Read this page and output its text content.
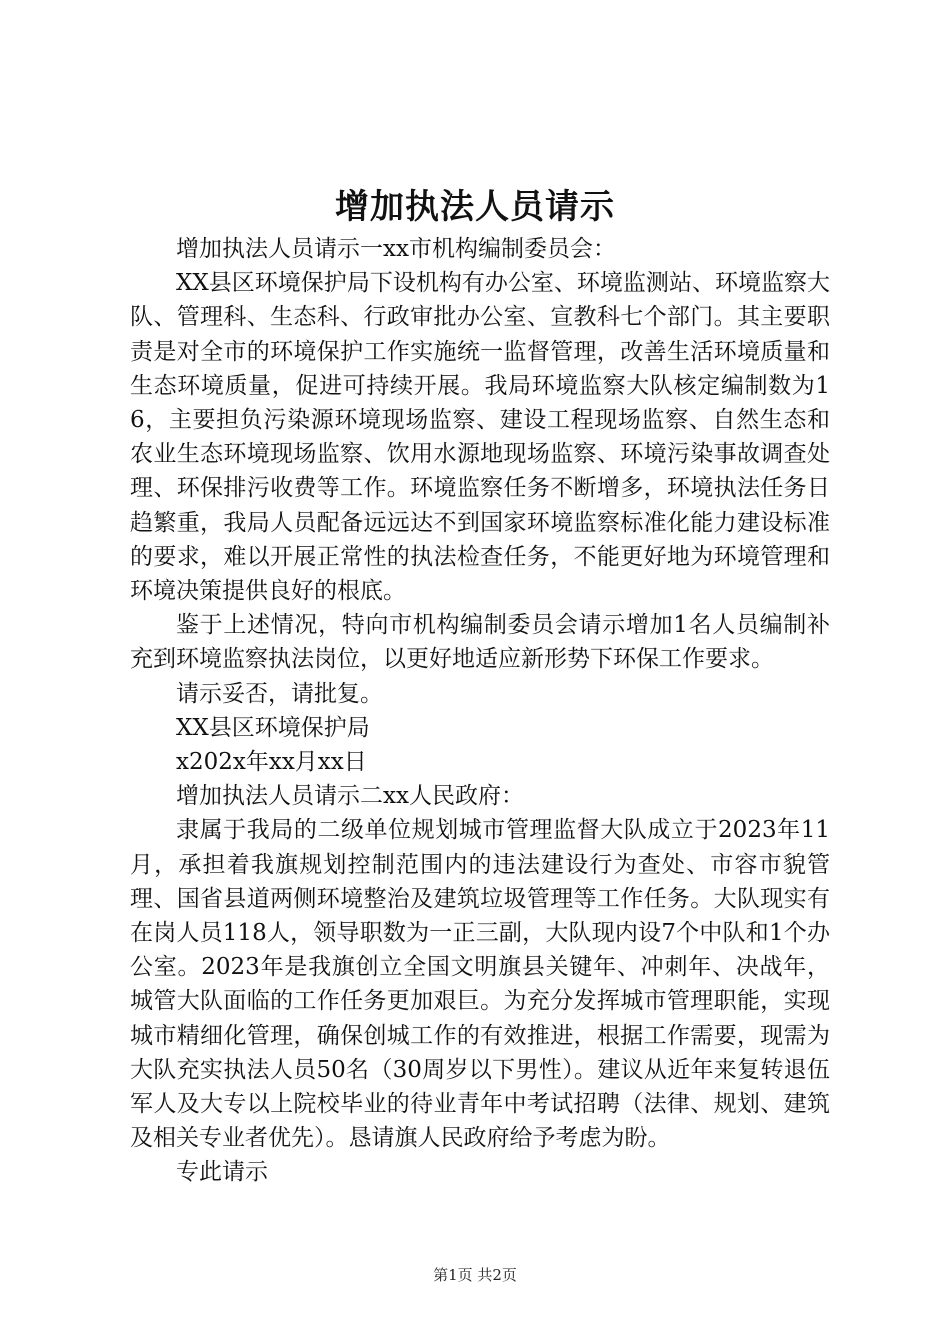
增加执法人员请示

增加执法人员请示一xx市机构编制委员会：

XX县区环境保护局下设机构有办公室、环境监测站、环境监察大队、管理科、生态科、行政审批办公室、宣教科七个部门。其主要职责是对全市的环境保护工作实施统一监督管理，改善生活环境质量和生态环境质量，促进可持续开展。我局环境监察大队核定编制数为16，主要担负污染源环境现场监察、建设工程现场监察、自然生态和农业生态环境现场监察、饮用水源地现场监察、环境污染事故调查处理、环保排污收费等工作。环境监察任务不断增多，环境执法任务日趋繁重，我局人员配备远远达不到国家环境监察标准化能力建设标准的要求，难以开展正常性的执法检查任务，不能更好地为环境管理和环境决策提供良好的根底。

鉴于上述情况，特向市机构编制委员会请示增加1名人员编制补充到环境监察执法岗位，以更好地适应新形势下环保工作要求。

请示妥否，请批复。

XX县区环境保护局

x202x年xx月xx日

增加执法人员请示二xx人民政府：

隶属于我局的二级单位规划城市管理监督大队成立于2023年11月，承担着我旗规划控制范围内的违法建设行为查处、市容市貌管理、国省县道两侧环境整治及建筑垃圾管理等工作任务。大队现实有在岗人员118人，领导职数为一正三副，大队现内设7个中队和1个办公室。2023年是我旗创立全国文明旗县关键年、冲刺年、决战年，城管大队面临的工作任务更加艰巨。为充分发挥城市管理职能，实现城市精细化管理，确保创城工作的有效推进，根据工作需要，现需为大队充实执法人员50名（30周岁以下男性）。建议从近年来复转退伍军人及大专以上院校毕业的待业青年中考试招聘（法律、规划、建筑及相关专业者优先）。恳请旗人民政府给予考虑为盼。

专此请示

第1页 共2页
